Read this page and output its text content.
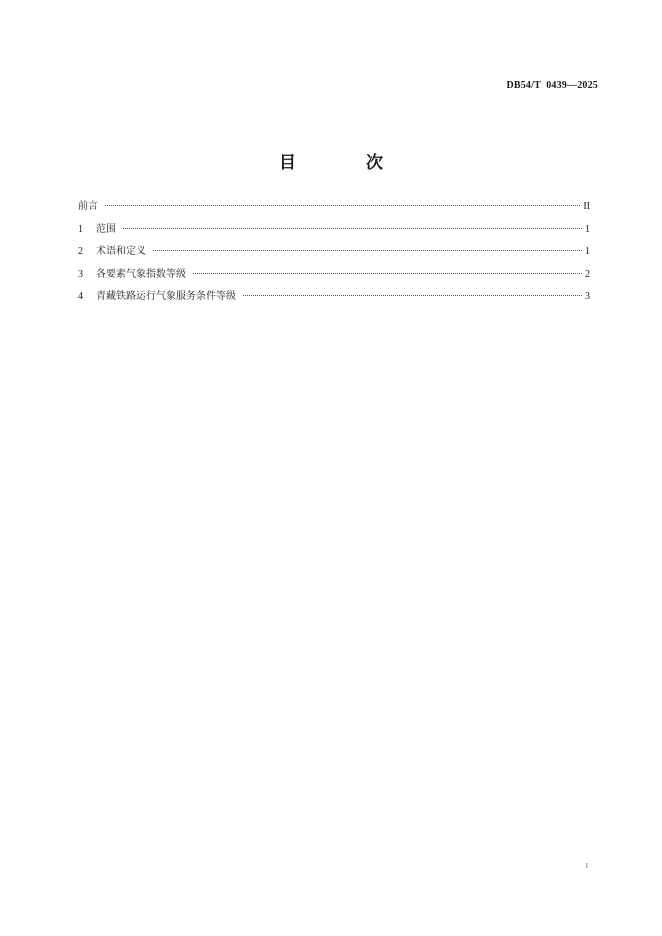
DB54/T  0439—2025
目 次
前言	II
1	范围	1
2	术语和定义	1
3	各要素气象指数等级	2
4	青藏铁路运行气象服务条件等级	3
I
